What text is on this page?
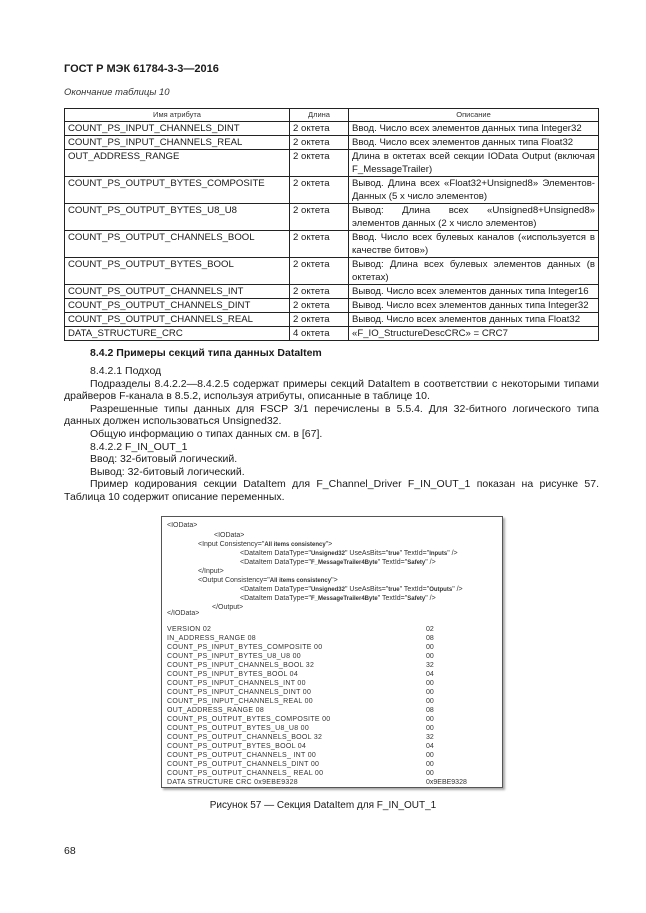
ГОСТ Р МЭК 61784-3-3—2016
Окончание таблицы 10
Имя атрибута	Длина	Описание
COUNT_PS_INPUT_CHANNELS_DINT	2 октета	Ввод. Число всех элементов данных типа Integer32
COUNT_PS_INPUT_CHANNELS_REAL	2 октета	Ввод. Число всех элементов данных типа Float32
OUT_ADDRESS_RANGE	2 октета	Длина в октетах всей секции IOData Output (включая F_MessageTrailer)
COUNT_PS_OUTPUT_BYTES_COMPOSITE	2 октета	Вывод. Длина всех «Float32+Unsigned8» Элементов-Данных (5 x число элементов)
COUNT_PS_OUTPUT_BYTES_U8_U8	2 октета	Вывод: Длина всех «Unsigned8+Unsigned8» элементов данных (2 x число элементов)
COUNT_PS_OUTPUT_CHANNELS_BOOL	2 октета	Ввод. Число всех булевых каналов («используется в качестве битов»)
COUNT_PS_OUTPUT_BYTES_BOOL	2 октета	Вывод: Длина всех булевых элементов данных (в октетах)
COUNT_PS_OUTPUT_CHANNELS_INT	2 октета	Вывод. Число всех элементов данных типа Integer16
COUNT_PS_OUTPUT_CHANNELS_DINT	2 октета	Вывод. Число всех элементов данных типа Integer32
COUNT_PS_OUTPUT_CHANNELS_REAL	2 октета	Вывод. Число всех элементов данных типа Float32
DATA_STRUCTURE_CRC	4 октета	«F_IO_StructureDescCRC» = CRC7
8.4.2 Примеры секций типа данных DataItem

8.4.2.1 Подход

Подразделы 8.4.2.2—8.4.2.5 содержат примеры секций DataItem в соответствии с некоторыми типами драйверов F-канала в 8.5.2, используя атрибуты, описанные в таблице 10.

Разрешенные типы данных для FSCP 3/1 перечислены в 5.5.4. Для 32-битного логического типа данных должен использоваться Unsigned32.

Общую информацию о типах данных см. в [67].

8.4.2.2 F_IN_OUT_1

Ввод: 32-битовый логический.

Вывод: 32-битовый логический.

Пример кодирования секции DataItem для F_Channel_Driver F_IN_OUT_1 показан на рисунке 57. Таблица 10 содержит описание переменных.

<IOData>
<IOData>
<Input Consistency="All items consistency">
<DataItem DataType="Unsigned32" UseAsBits="true" TextId="Inputs" />
<DataItem DataType="F_MessageTrailer4Byte" TextId="Safety" />
</Input>
<Output Consistency="All items consistency">
<DataItem DataType="Unsigned32" UseAsBits="true" TextId="Outputs" />
<DataItem DataType="F_MessageTrailer4Byte" TextId="Safety" />
</IOData>
</Output>
VERSION 02	02
IN_ADDRESS_RANGE 08	08
COUNT_PS_INPUT_BYTES_COMPOSITE 00	00
COUNT_PS_INPUT_BYTES_U8_U8 00	00
COUNT_PS_INPUT_CHANNELS_BOOL 32	32
COUNT_PS_INPUT_BYTES_BOOL 04	04
COUNT_PS_INPUT_CHANNELS_INT 00	00
COUNT_PS_INPUT_CHANNELS_DINT 00	00
COUNT_PS_INPUT_CHANNELS_REAL 00	00
OUT_ADDRESS_RANGE 08	08
COUNT_PS_OUTPUT_BYTES_COMPOSITE 00	00
COUNT_PS_OUTPUT_BYTES_U8_U8 00	00
COUNT_PS_OUTPUT_CHANNELS_BOOL 32	32
COUNT_PS_OUTPUT_BYTES_BOOL 04	04
COUNT_PS_OUTPUT_CHANNELS_ INT 00	00
COUNT_PS_OUTPUT_CHANNELS_DINT 00	00
COUNT_PS_OUTPUT_CHANNELS_ REAL 00	00
DATA STRUCTURE CRC 0x9EBE9328	0x9EBE9328
Рисунок 57 — Секция DataItem для F_IN_OUT_1
68
